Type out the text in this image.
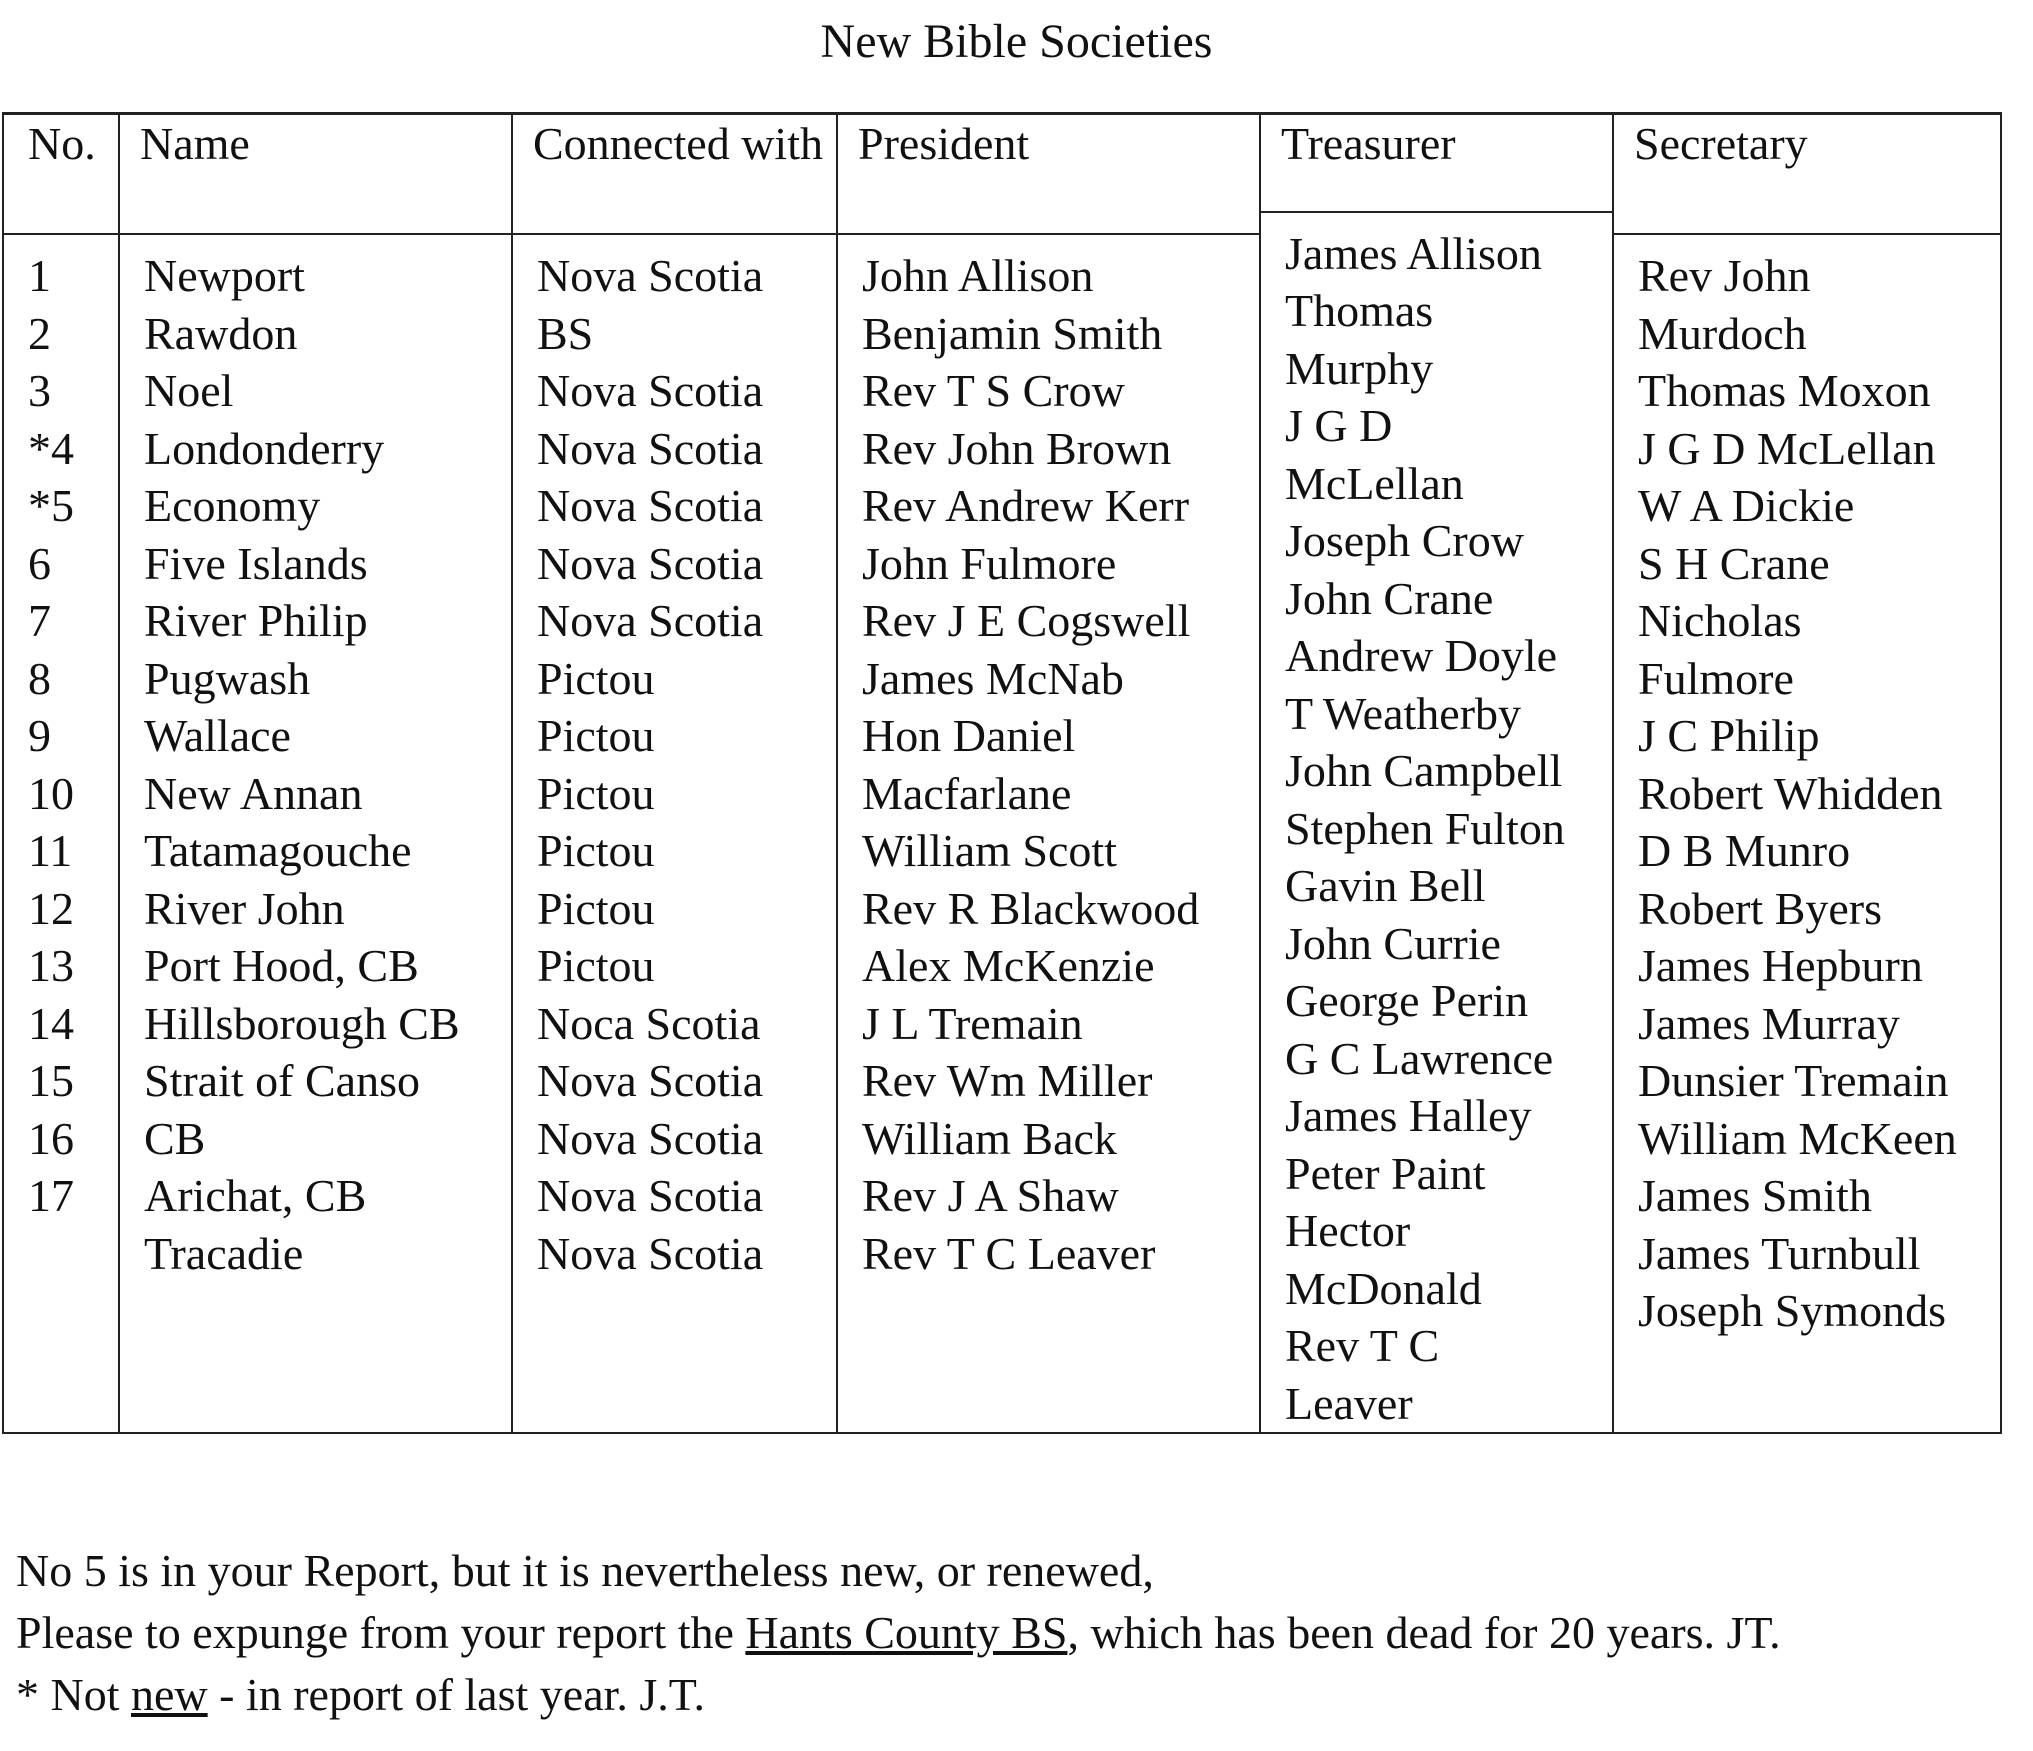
New Bible Societies
No.
1
2
3
*4
*5
6
7
8
9
10
11
12
13
14
15
16
17
Name
Newport
Rawdon
Noel
Londonderry
Economy
Five Islands
River Philip
Pugwash
Wallace
New Annan
Tatamagouche
River John
Port Hood, CB
Hillsborough CB
Strait of Canso
CB
Arichat, CB
Tracadie
Connected with
Nova Scotia
BS
Nova Scotia
Nova Scotia
Nova Scotia
Nova Scotia
Nova Scotia
Pictou
Pictou
Pictou
Pictou
Pictou
Pictou
Noca Scotia
Nova Scotia
Nova Scotia
Nova Scotia
Nova Scotia
President
John Allison
Benjamin Smith
Rev T S Crow
Rev John Brown
Rev Andrew Kerr
John Fulmore
Rev J E Cogswell
James McNab
Hon Daniel
Macfarlane
William Scott
Rev R Blackwood
Alex McKenzie
J L Tremain
Rev Wm Miller
William Back
Rev J A Shaw
Rev T C Leaver
Treasurer
James Allison
Thomas
Murphy
J G D
McLellan
Joseph Crow
John Crane
Andrew Doyle
T Weatherby
John Campbell
Stephen Fulton
Gavin Bell
John Currie
George Perin
G C Lawrence
James Halley
Peter Paint
Hector
McDonald
Rev T C
Leaver
Secretary
Rev John
Murdoch
Thomas Moxon
J G D McLellan
W A Dickie
S H Crane
Nicholas
Fulmore
J C Philip
Robert Whidden
D B Munro
Robert Byers
James Hepburn
James Murray
Dunsier Tremain
William McKeen
James Smith
James Turnbull
Joseph Symonds
No 5 is in your Report, but it is nevertheless new, or renewed,
Please to expunge from your report the Hants County BS, which has been dead for 20 years. JT.
* Not new - in report of last year. J.T.
